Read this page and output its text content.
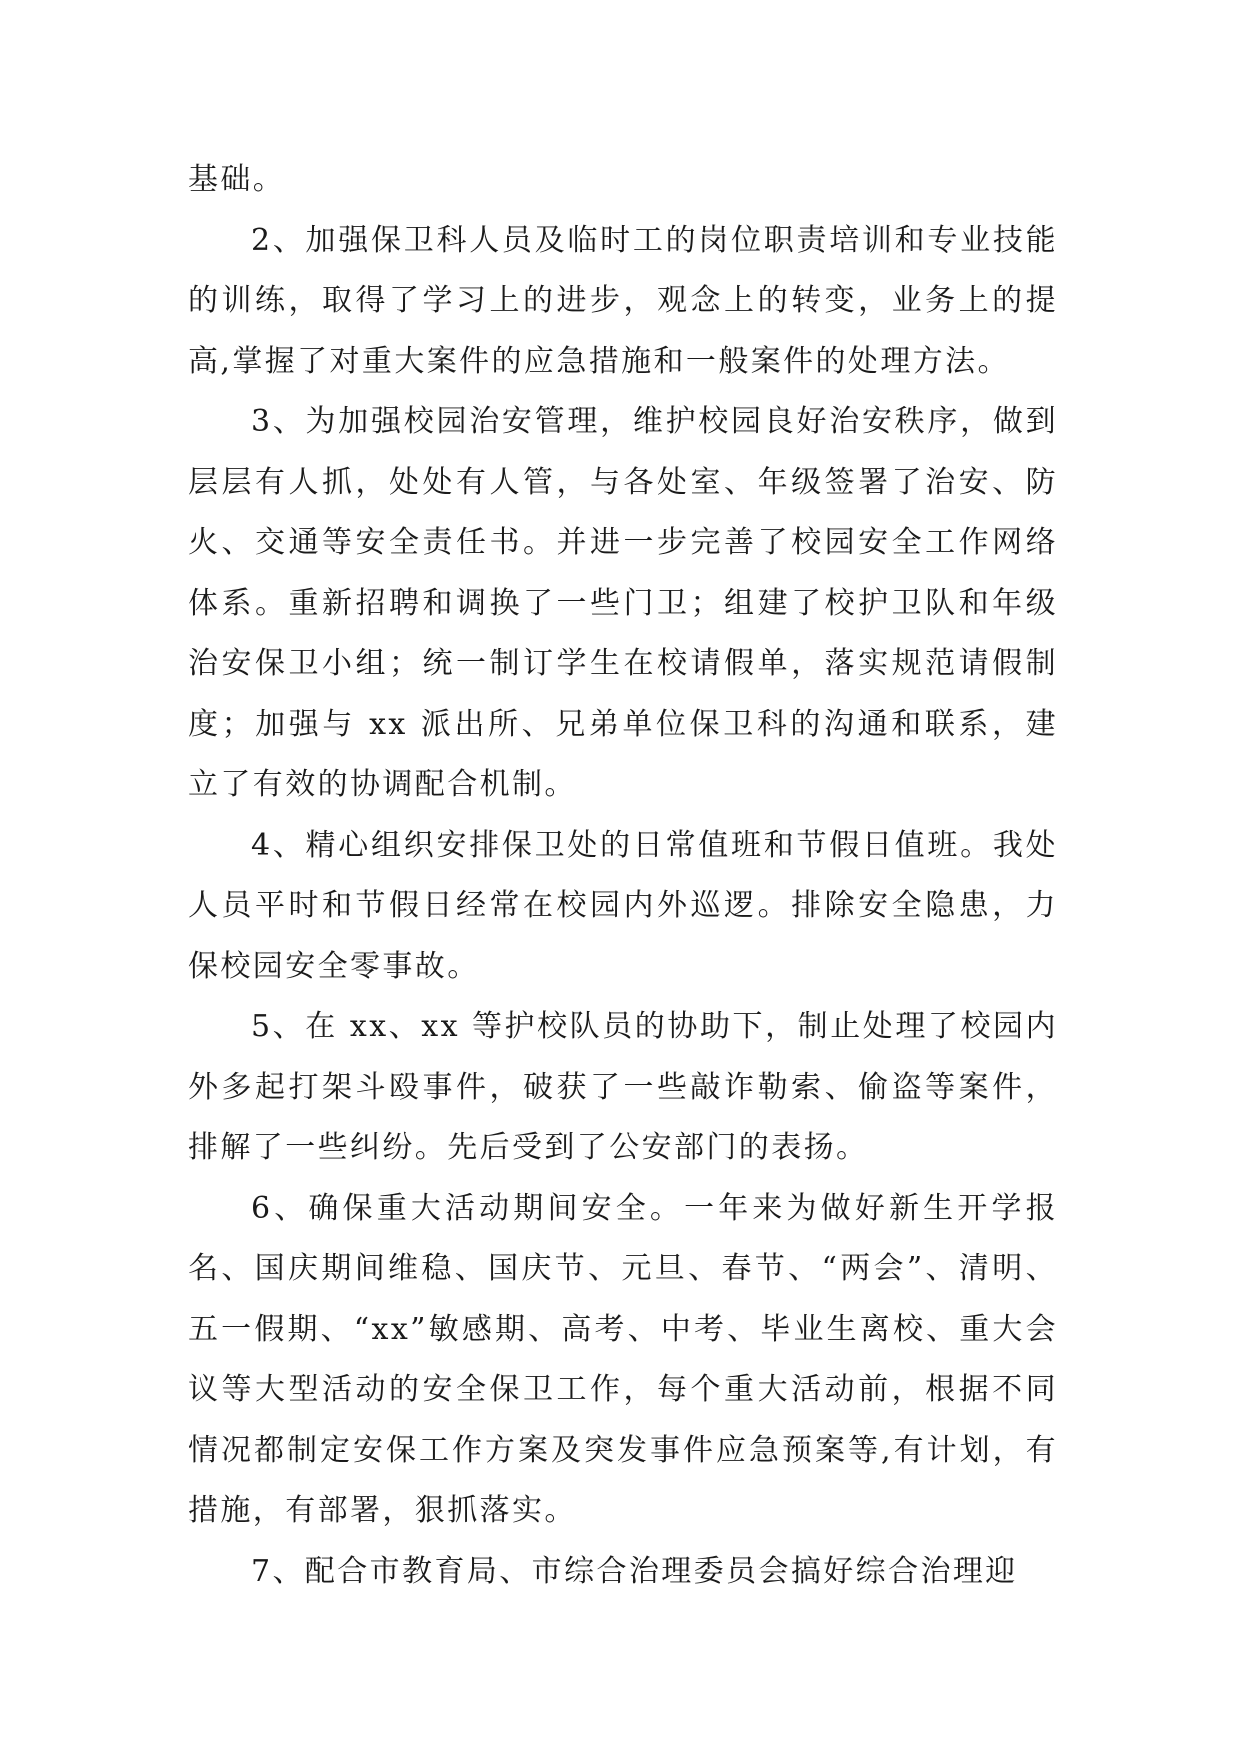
基础。

2、加强保卫科人员及临时工的岗位职责培训和专业技能的训练，取得了学习上的进步，观念上的转变，业务上的提高,掌握了对重大案件的应急措施和一般案件的处理方法。

3、为加强校园治安管理，维护校园良好治安秩序，做到层层有人抓，处处有人管，与各处室、年级签署了治安、防火、交通等安全责任书。并进一步完善了校园安全工作网络体系。重新招聘和调换了一些门卫；组建了校护卫队和年级治安保卫小组；统一制订学生在校请假单，落实规范请假制度；加强与 xx 派出所、兄弟单位保卫科的沟通和联系，建立了有效的协调配合机制。

4、精心组织安排保卫处的日常值班和节假日值班。我处人员平时和节假日经常在校园内外巡逻。排除安全隐患，力保校园安全零事故。

5、在 xx、xx 等护校队员的协助下，制止处理了校园内外多起打架斗殴事件，破获了一些敲诈勒索、偷盗等案件，排解了一些纠纷。先后受到了公安部门的表扬。

6、确保重大活动期间安全。一年来为做好新生开学报名、国庆期间维稳、国庆节、元旦、春节、“两会”、清明、五一假期、“xx”敏感期、高考、中考、毕业生离校、重大会议等大型活动的安全保卫工作，每个重大活动前，根据不同情况都制定安保工作方案及突发事件应急预案等,有计划，有措施，有部署，狠抓落实。

7、配合市教育局、市综合治理委员会搞好综合治理迎
